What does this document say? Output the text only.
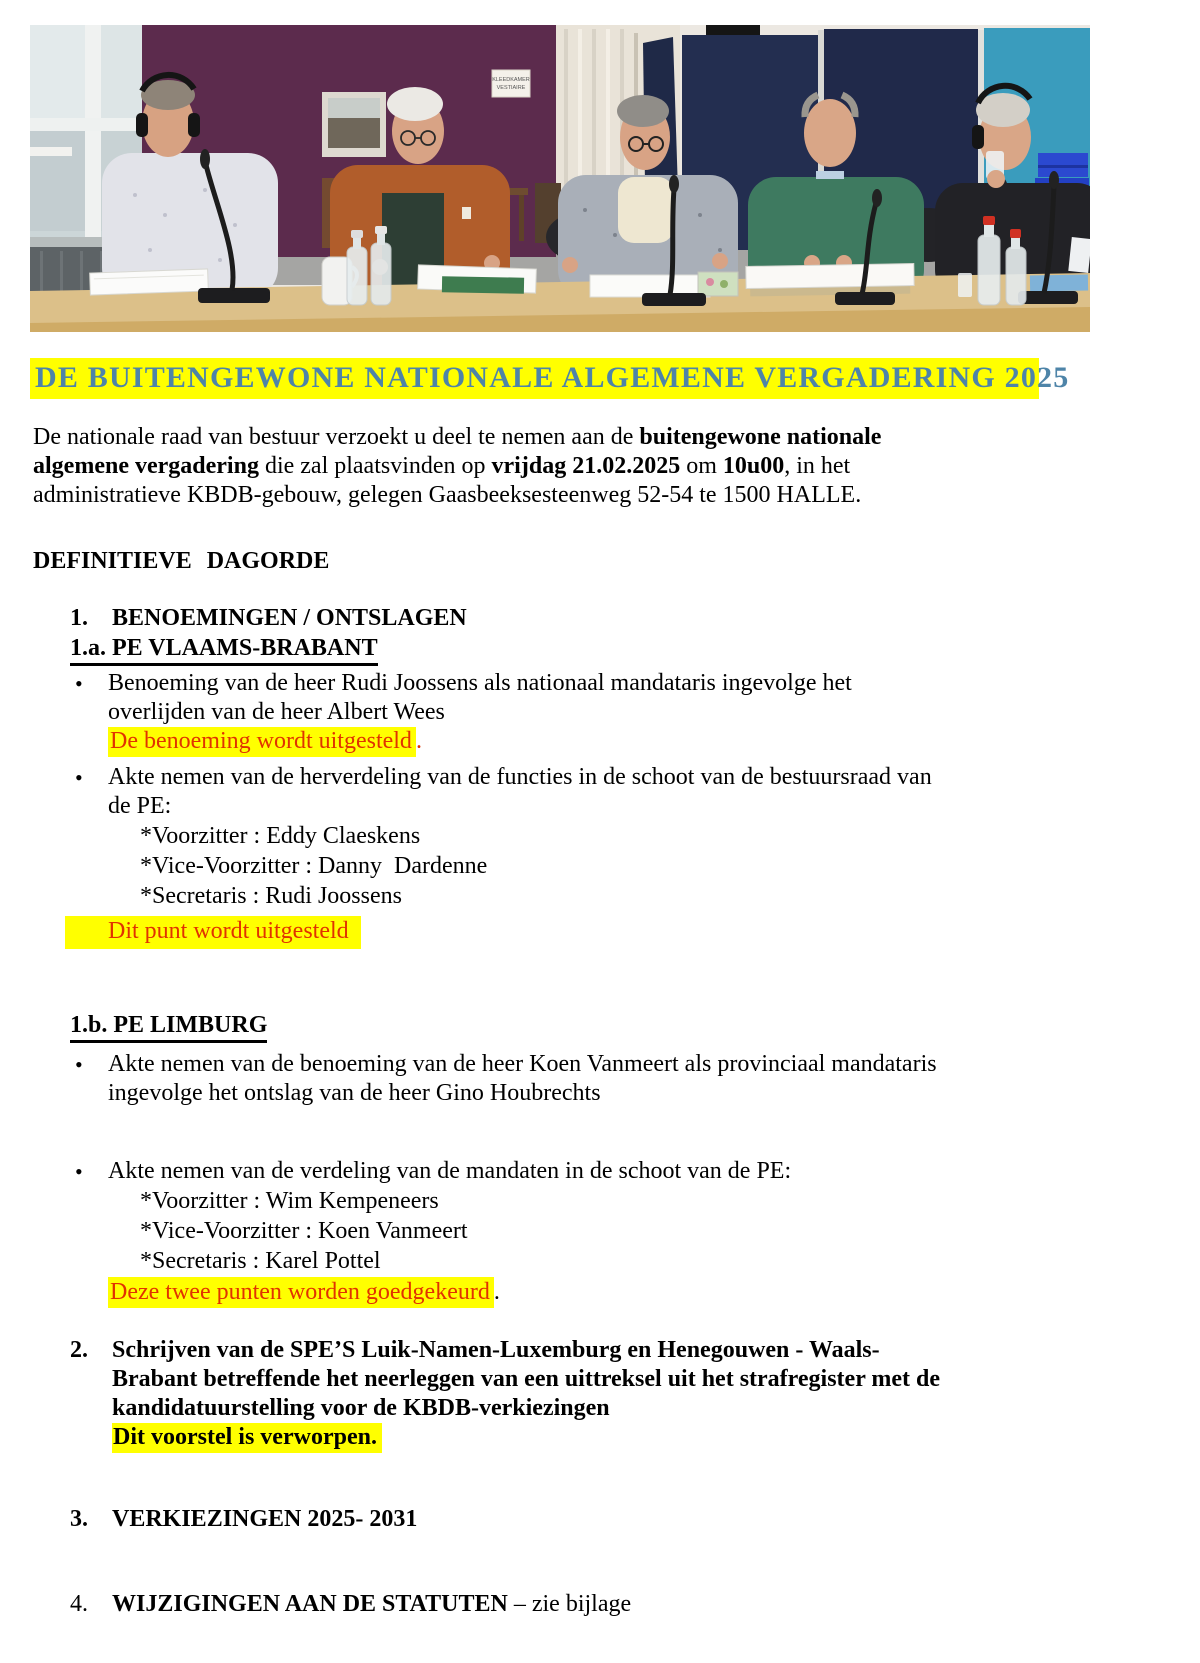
KLEEDKAMER
VESTIAIRE
DE BUITENGEWONE NATIONALE ALGEMENE VERGADERING 2025
De nationale raad van bestuur verzoekt u deel te nemen aan de buitengewone nationale
algemene vergadering die zal plaatsvinden op vrijdag 21.02.2025 om 10u00, in het
administratieve KBDB-gebouw, gelegen Gaasbeeksesteenweg 52-54 te 1500 HALLE.
DEFINITIEVE DAGORDE
1.	BENOEMINGEN / ONTSLAGEN
1.a. PE VLAAMS-BRABANT
•	Benoeming van de heer Rudi Joossens als nationaal mandataris ingevolge het
overlijden van de heer Albert Wees
De benoeming wordt uitgesteld .
•	Akte nemen van de herverdeling van de functies in de schoot van de bestuursraad van
de PE:
*Voorzitter : Eddy Claeskens
*Vice-Voorzitter : Danny  Dardenne
*Secretaris : Rudi Joossens
Dit punt wordt uitgesteld
1.b. PE LIMBURG
•	Akte nemen van de benoeming van de heer Koen Vanmeert als provinciaal mandataris
ingevolge het ontslag van de heer Gino Houbrechts
•	Akte nemen van de verdeling van de mandaten in de schoot van de PE:
*Voorzitter : Wim Kempeneers
*Vice-Voorzitter : Koen Vanmeert
*Secretaris : Karel Pottel
Deze twee punten worden goedgekeurd .
2.	Schrijven van de SPE’S Luik-Namen-Luxemburg en Henegouwen - Waals-
Brabant betreffende het neerleggen van een uittreksel uit het strafregister met de
kandidatuurstelling voor de KBDB-verkiezingen
Dit voorstel is verworpen.
3.	VERKIEZINGEN 2025- 2031
4.	WIJZIGINGEN AAN DE STATUTEN – zie bijlage
